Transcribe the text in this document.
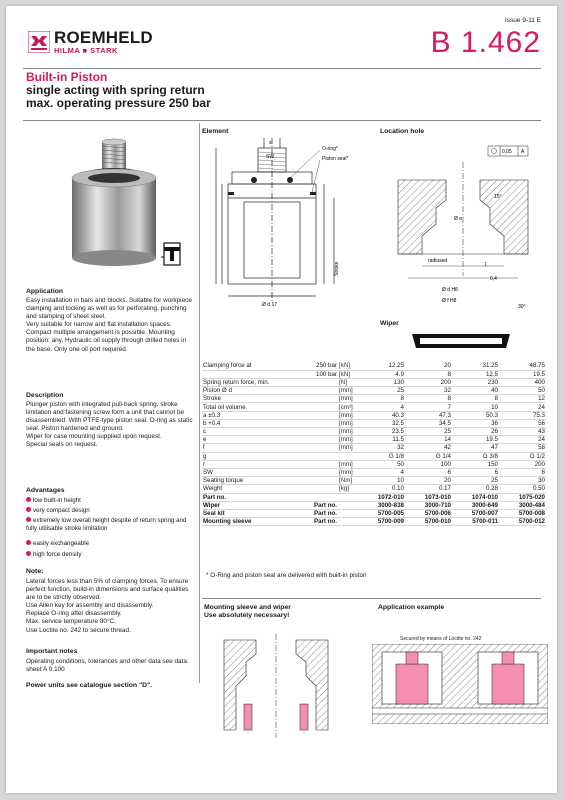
ROEMHELD
HILMA ■ STARK
Issue 9-11 E
B 1.462
Built-in Piston
single acting with spring return
max. operating pressure 250 bar
Application
Easy installation in bars and blocks. Suitable for workpiece clamping and locking as well as for perforating, punching and stamping of sheet steel.
Very suitable for narrow and flat installation spaces. Compact multiple arrangement is possible. Mounting position: any. Hydraulic oil supply through drilled holes in the base. Only one oil port required.
Description
Plunger piston with integrated pull-back spring, stroke limitation and fastening screw form a unit that cannot be disassembled. With PTFE-type piston seal. O-ring as static seal. Piston hardened and ground.
Wiper for case mounting supplied upon request.
Special seals on request.
Advantages
low built-in height
very compact design
extremely low overall height despite of return spring and fully utilisable stroke limitation
easily exchangeable
high force density
Note:
Lateral forces less than 5% of clamping forces. To ensure perfect function, build-in dimensions and surface qualities are to be strictly observed.
Use Allen key for assembly and disassembly.
Replace O-ring after disassembly.
Max. service temperature 80°C.
Use Loctite no. 242 to secure thread.
Important notes
Operating conditions, tolerances and other data see data sheet A 0.100
Power units see catalogue section "D".
Element
O-ring*
Piston seal*
SW
s
Ø d 17
Stroke
Location hole
0,05 A
Ø e
Ø d H8
Ø f H8
radiused
15°
30°
0,4
1
Wiper
Clamping force at	250 bar	[kN]	12.25	20	31.25	48.75
	100 bar	[kN]	4.9	8	12.5	19.5
Spring return force, min.		[N]	130	200	230	400
Piston Ø d		[mm]	25	32	40	50
Stroke		[mm]	8	8	8	12
Total oil volume		[cm³]	4	7	10	24
a ±0.3		[mm]	40.3	47.3	50.3	75.3
b +0.4		[mm]	32.5	34.5	36	56
c		[mm]	23.5	25	26	43
e		[mm]	11.5	14	19.5	24
f		[mm]	32	42	47	58
g			G 1/8	G 1/4	G 3/8	G 1/2
r		[mm]	50	100	150	200
SW		[mm]	4	6	6	8
Seating torque		[Nm]	10	20	25	30
Weight		[kg]	0.10	0.17	0.28	0.50
Part no.			1072-010	1073-010	1074-010	1075-020
Wiper	Part no.		3000-838	3000-710	3000-649	3000-484
Seal kit	Part no.		5700-005	5700-006	5700-007	5700-008
Mounting sleeve	Part no.		5700-009	5700-010	5700-011	5700-012
* O-Ring and piston seal are delivered with built-in piston
Mounting sleeve and wiper
Use absolutely necessary!
Application example
Secured by means of Loctite no. 242
